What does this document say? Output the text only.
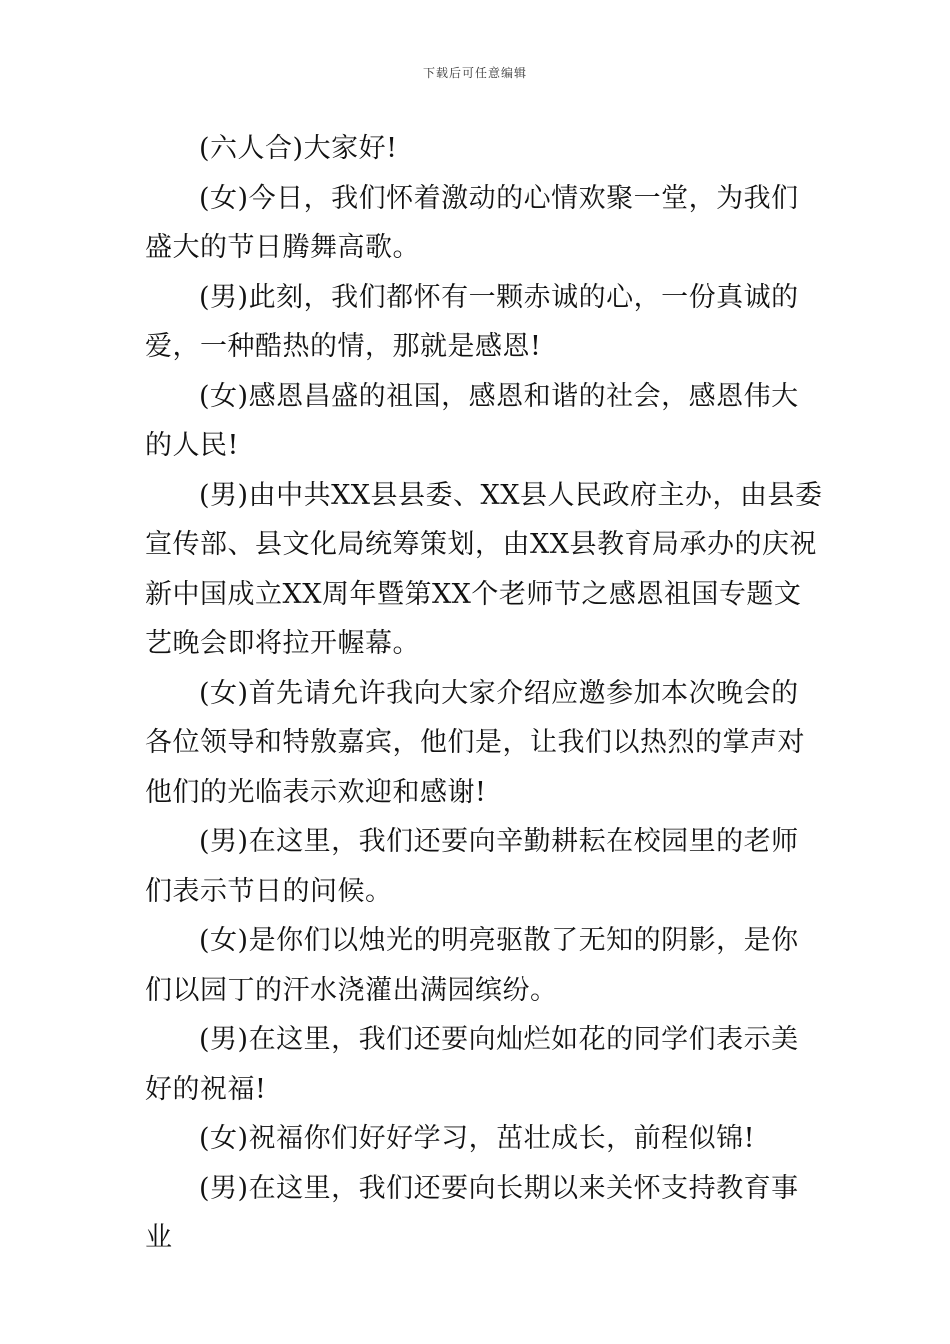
下载后可任意编辑

(六人合)大家好!

(女)今日，我们怀着激动的心情欢聚一堂，为我们盛大的节日腾舞高歌。

(男)此刻，我们都怀有一颗赤诚的心，一份真诚的爱，一种酷热的情，那就是感恩!

(女)感恩昌盛的祖国，感恩和谐的社会，感恩伟大的人民!

(男)由中共XX县县委、XX县人民政府主办，由县委宣传部、县文化局统筹策划，由XX县教育局承办的庆祝新中国成立XX周年暨第XX个老师节之感恩祖国专题文艺晚会即将拉开幄幕。

(女)首先请允许我向大家介绍应邀参加本次晚会的各位领导和特敫嘉宾，他们是，让我们以热烈的掌声对他们的光临表示欢迎和感谢!

(男)在这里，我们还要向辛勤耕耘在校园里的老师们表示节日的问候。

(女)是你们以烛光的明亮驱散了无知的阴影，是你们以园丁的汗水浇灌出满园缤纷。

(男)在这里，我们还要向灿烂如花的同学们表示美好的祝福!

(女)祝福你们好好学习，茁壮成长，前程似锦!

(男)在这里，我们还要向长期以来关怀支持教育事业
